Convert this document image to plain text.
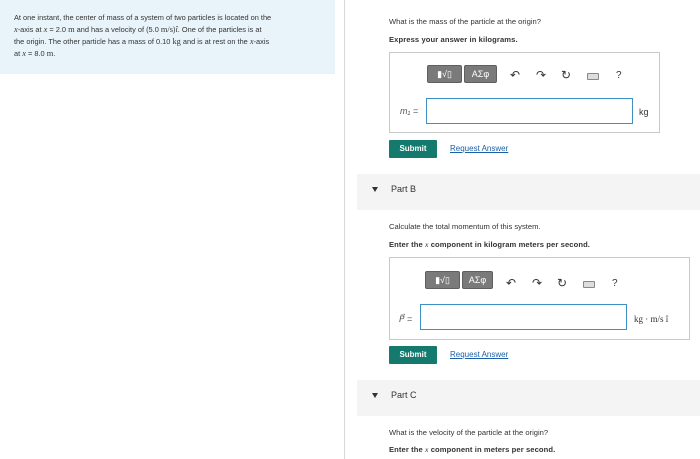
At one instant, the center of mass of a system of two particles is located on the

x-axis at x = 2.0 m and has a velocity of (5.0 m/s)î. One of the particles is at

the origin. The other particle has a mass of 0.10 kg and is at rest on the x-axis

at x = 8.0 m.

What is the mass of the particle at the origin?
Express your answer in kilograms.
▮√▯	ΑΣφ	↶ ↷ ↻	?
m₁ =	kg
Submit	Request Answer
Part B
Calculate the total momentum of this system.
Enter the x component in kilogram meters per second.
▮√▯	ΑΣφ	↶ ↷ ↻	?
P⃗ =	kg · m/s î
Submit	Request Answer
Part C
What is the velocity of the particle at the origin?
Enter the x component in meters per second.
